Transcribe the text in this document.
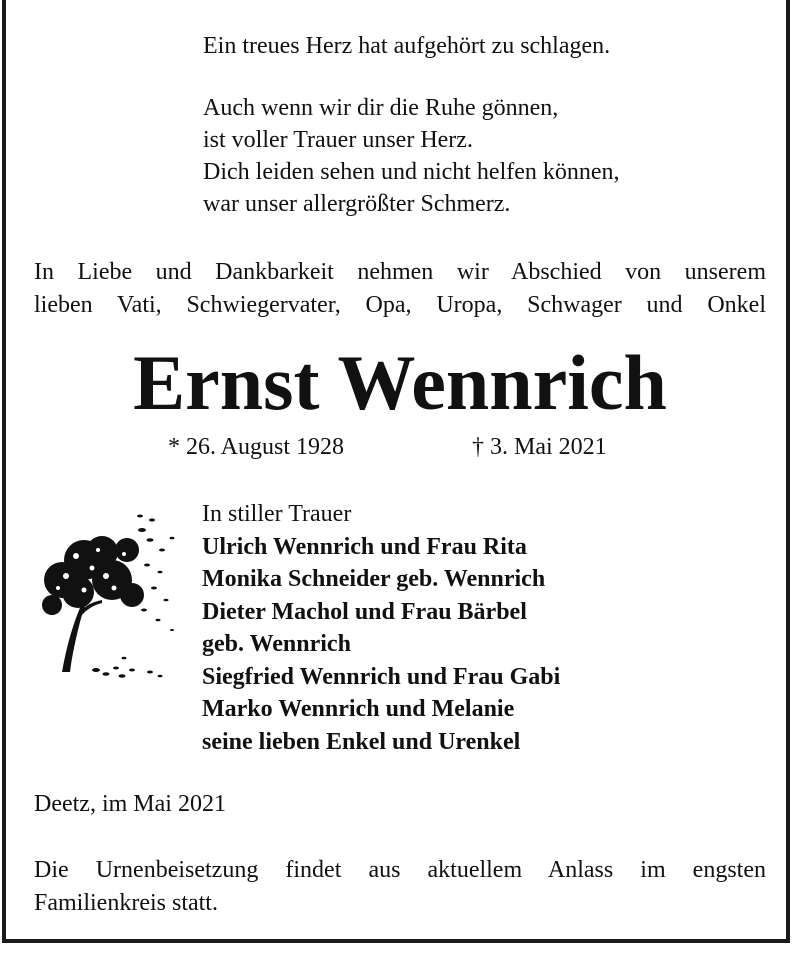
Ein treues Herz hat aufgehört zu schlagen.
Auch wenn wir dir die Ruhe gönnen,
ist voller Trauer unser Herz.
Dich leiden sehen und nicht helfen können,
war unser allergrößter Schmerz.
In Liebe und Dankbarkeit nehmen wir Abschied von unserem
lieben Vati, Schwiegervater, Opa, Uropa, Schwager und Onkel
Ernst Wennrich
* 26. August 1928	† 3. Mai 2021
In stiller Trauer
Ulrich Wennrich und Frau Rita
Monika Schneider geb. Wennrich
Dieter Machol und Frau Bärbel
geb. Wennrich
Siegfried Wennrich und Frau Gabi
Marko Wennrich und Melanie
seine lieben Enkel und Urenkel
Deetz, im Mai 2021
Die Urnenbeisetzung findet aus aktuellem Anlass im engsten
Familienkreis statt.
